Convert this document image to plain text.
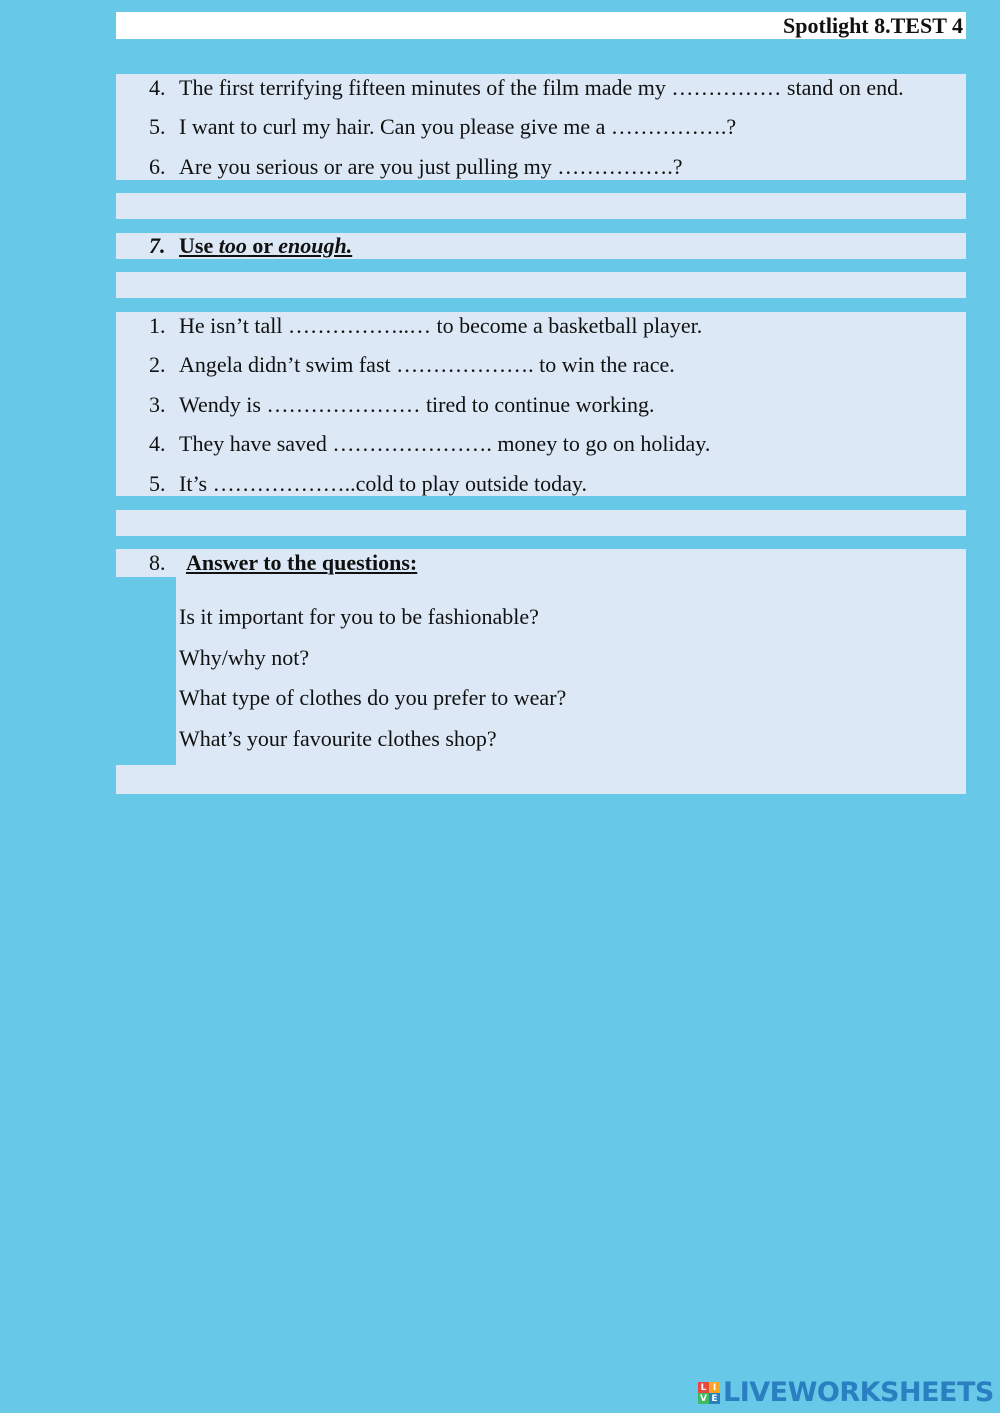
Spotlight 8.TEST 4
4. The first terrifying fifteen minutes of the film made my …………… stand on end.
5. I want to curl my hair. Can you please give me a …………….?
6. Are you serious or are you just pulling my …………….?
7. Use too or enough.
1. He isn’t tall ……………..… to become a basketball player.
2. Angela didn’t swim fast ………………. to win the race.
3. Wendy is ………………… tired to continue working.
4. They have saved …………………. money to go on holiday.
5. It’s ………………..cold to play outside today.
8. Answer to the questions:
Is it important for you to be fashionable?
Why/why not?
What type of clothes do you prefer to wear?
What’s your favourite clothes shop?
L I
V E LIVEWORKSHEETS
